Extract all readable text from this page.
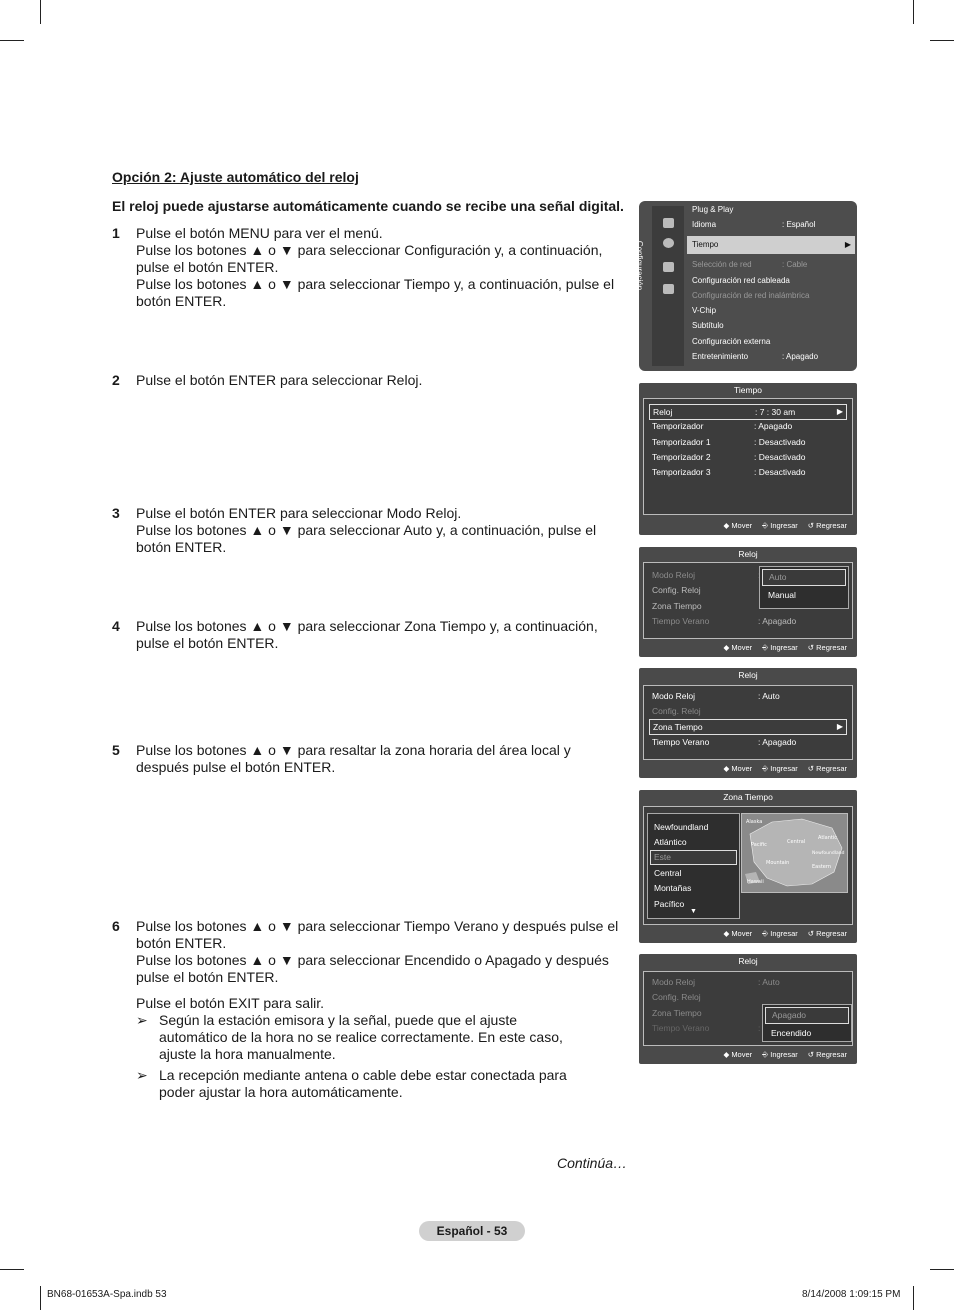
Opción 2: Ajuste automático del reloj
El reloj puede ajustarse automáticamente cuando se recibe una señal digital.
1 Pulse el botón MENU para ver el menú.

Pulse los botones ▲ o ▼ para seleccionar Configuración y, a continuación, pulse el botón ENTER.

Pulse los botones ▲ o ▼ para seleccionar Tiempo y, a continuación, pulse el botón ENTER.

2 Pulse el botón ENTER para seleccionar Reloj.

3 Pulse el botón ENTER para seleccionar Modo Reloj.

Pulse los botones ▲ o ▼ para seleccionar Auto y, a continuación, pulse el botón ENTER.

4 Pulse los botones ▲ o ▼ para seleccionar Zona Tiempo y, a continuación, pulse el botón ENTER.

5 Pulse los botones ▲ o ▼ para resaltar la zona horaria del área local y después pulse el botón ENTER.

6 Pulse los botones ▲ o ▼ para seleccionar Tiempo Verano y después pulse el botón ENTER.

Pulse los botones ▲ o ▼ para seleccionar Encendido o Apagado y después pulse el botón ENTER.

Pulse el botón EXIT para salir.

➢ Según la estación emisora y la señal, puede que el ajuste automático de la hora no se realice correctamente. En este caso, ajuste la hora manualmente.
➢ La recepción mediante antena o cable debe estar conectada para poder ajustar la hora automáticamente.
Continúa…
Español - 53
BN68-01653A-Spa.indb 53	8/14/2008 1:09:15 PM
Configuración
Plug & Play
Idioma	: Español
Tiempo	▶
Selección de red	: Cable
Configuración red cableada
Configuración de red inalámbrica
V-Chip
Subtítulo
Configuración externa
Entretenimiento	: Apagado
Tiempo
Reloj	: 7 : 30 am	▶
Temporizador	: Apagado
Temporizador 1	: Desactivado
Temporizador 2	: Desactivado
Temporizador 3	: Desactivado
◆ Mover ⎆ Ingresar ↺ Regresar
Reloj
Modo Reloj
Config. Reloj
Zona Tiempo
Tiempo Verano	: Apagado
Auto
Manual
◆ Mover ⎆ Ingresar ↺ Regresar
Reloj
Modo Reloj	: Auto
Config. Reloj
Zona Tiempo	▶
Tiempo Verano	: Apagado
◆ Mover ⎆ Ingresar ↺ Regresar
Zona Tiempo
Newfoundland
Atlántico
Este
Central
Montañas
Pacífico
▼
◆ Mover ⎆ Ingresar ↺ Regresar
Alaska
Pacific	Central
Atlantic
Newfoundland
Mountain
Eastern
Hawaii
Reloj
Modo Reloj	: Auto
Config. Reloj
Zona Tiempo
Tiempo Verano	:
Apagado
Encendido
◆ Mover ⎆ Ingresar ↺ Regresar
